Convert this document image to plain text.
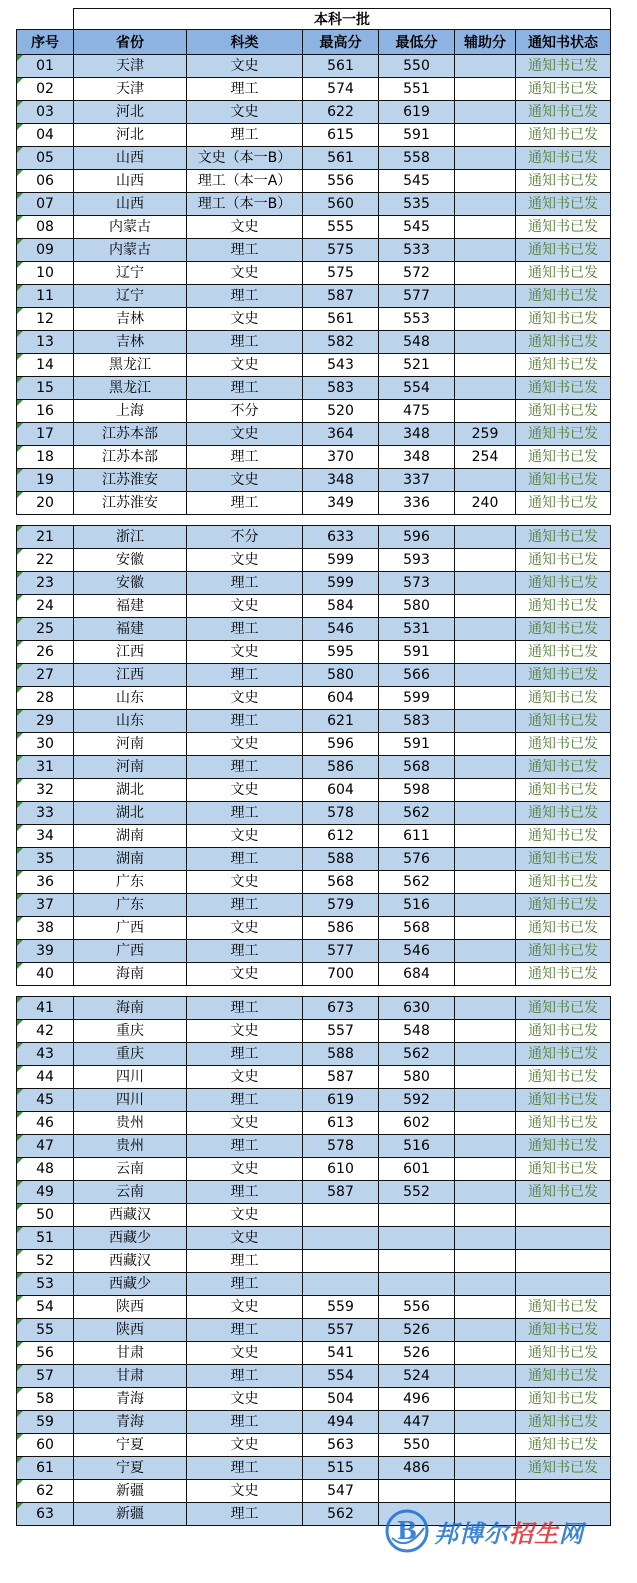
	本科一批					
序号	省份	科类	最高分	最低分	辅助分	通知书状态
01	天津	文史	561	550		通知书已发
02	天津	理工	574	551		通知书已发
03	河北	文史	622	619		通知书已发
04	河北	理工	615	591		通知书已发
05	山西	文史（本一B）	561	558		通知书已发
06	山西	理工（本一A）	556	545		通知书已发
07	山西	理工（本一B）	560	535		通知书已发
08	内蒙古	文史	555	545		通知书已发
09	内蒙古	理工	575	533		通知书已发
10	辽宁	文史	575	572		通知书已发
11	辽宁	理工	587	577		通知书已发
12	吉林	文史	561	553		通知书已发
13	吉林	理工	582	548		通知书已发
14	黑龙江	文史	543	521		通知书已发
15	黑龙江	理工	583	554		通知书已发
16	上海	不分	520	475		通知书已发
17	江苏本部	文史	364	348	259	通知书已发
18	江苏本部	理工	370	348	254	通知书已发
19	江苏淮安	文史	348	337		通知书已发
20	江苏淮安	理工	349	336	240	通知书已发

21	浙江	不分	633	596		通知书已发
22	安徽	文史	599	593		通知书已发
23	安徽	理工	599	573		通知书已发
24	福建	文史	584	580		通知书已发
25	福建	理工	546	531		通知书已发
26	江西	文史	595	591		通知书已发
27	江西	理工	580	566		通知书已发
28	山东	文史	604	599		通知书已发
29	山东	理工	621	583		通知书已发
30	河南	文史	596	591		通知书已发
31	河南	理工	586	568		通知书已发
32	湖北	文史	604	598		通知书已发
33	湖北	理工	578	562		通知书已发
34	湖南	文史	612	611		通知书已发
35	湖南	理工	588	576		通知书已发
36	广东	文史	568	562		通知书已发
37	广东	理工	579	516		通知书已发
38	广西	文史	586	568		通知书已发
39	广西	理工	577	546		通知书已发
40	海南	文史	700	684		通知书已发

41	海南	理工	673	630		通知书已发
42	重庆	文史	557	548		通知书已发
43	重庆	理工	588	562		通知书已发
44	四川	文史	587	580		通知书已发
45	四川	理工	619	592		通知书已发
46	贵州	文史	613	602		通知书已发
47	贵州	理工	578	516		通知书已发
48	云南	文史	610	601		通知书已发
49	云南	理工	587	552		通知书已发
50	西藏汉	文史				
51	西藏少	文史				
52	西藏汉	理工				
53	西藏少	理工				
54	陕西	文史	559	556		通知书已发
55	陕西	理工	557	526		通知书已发
56	甘肃	文史	541	526		通知书已发
57	甘肃	理工	554	524		通知书已发
58	青海	文史	504	496		通知书已发
59	青海	理工	494	447		通知书已发
60	宁夏	文史	563	550		通知书已发
61	宁夏	理工	515	486		通知书已发
62	新疆	文史	547			
63	新疆	理工	562			
B 邦博尔招生网
